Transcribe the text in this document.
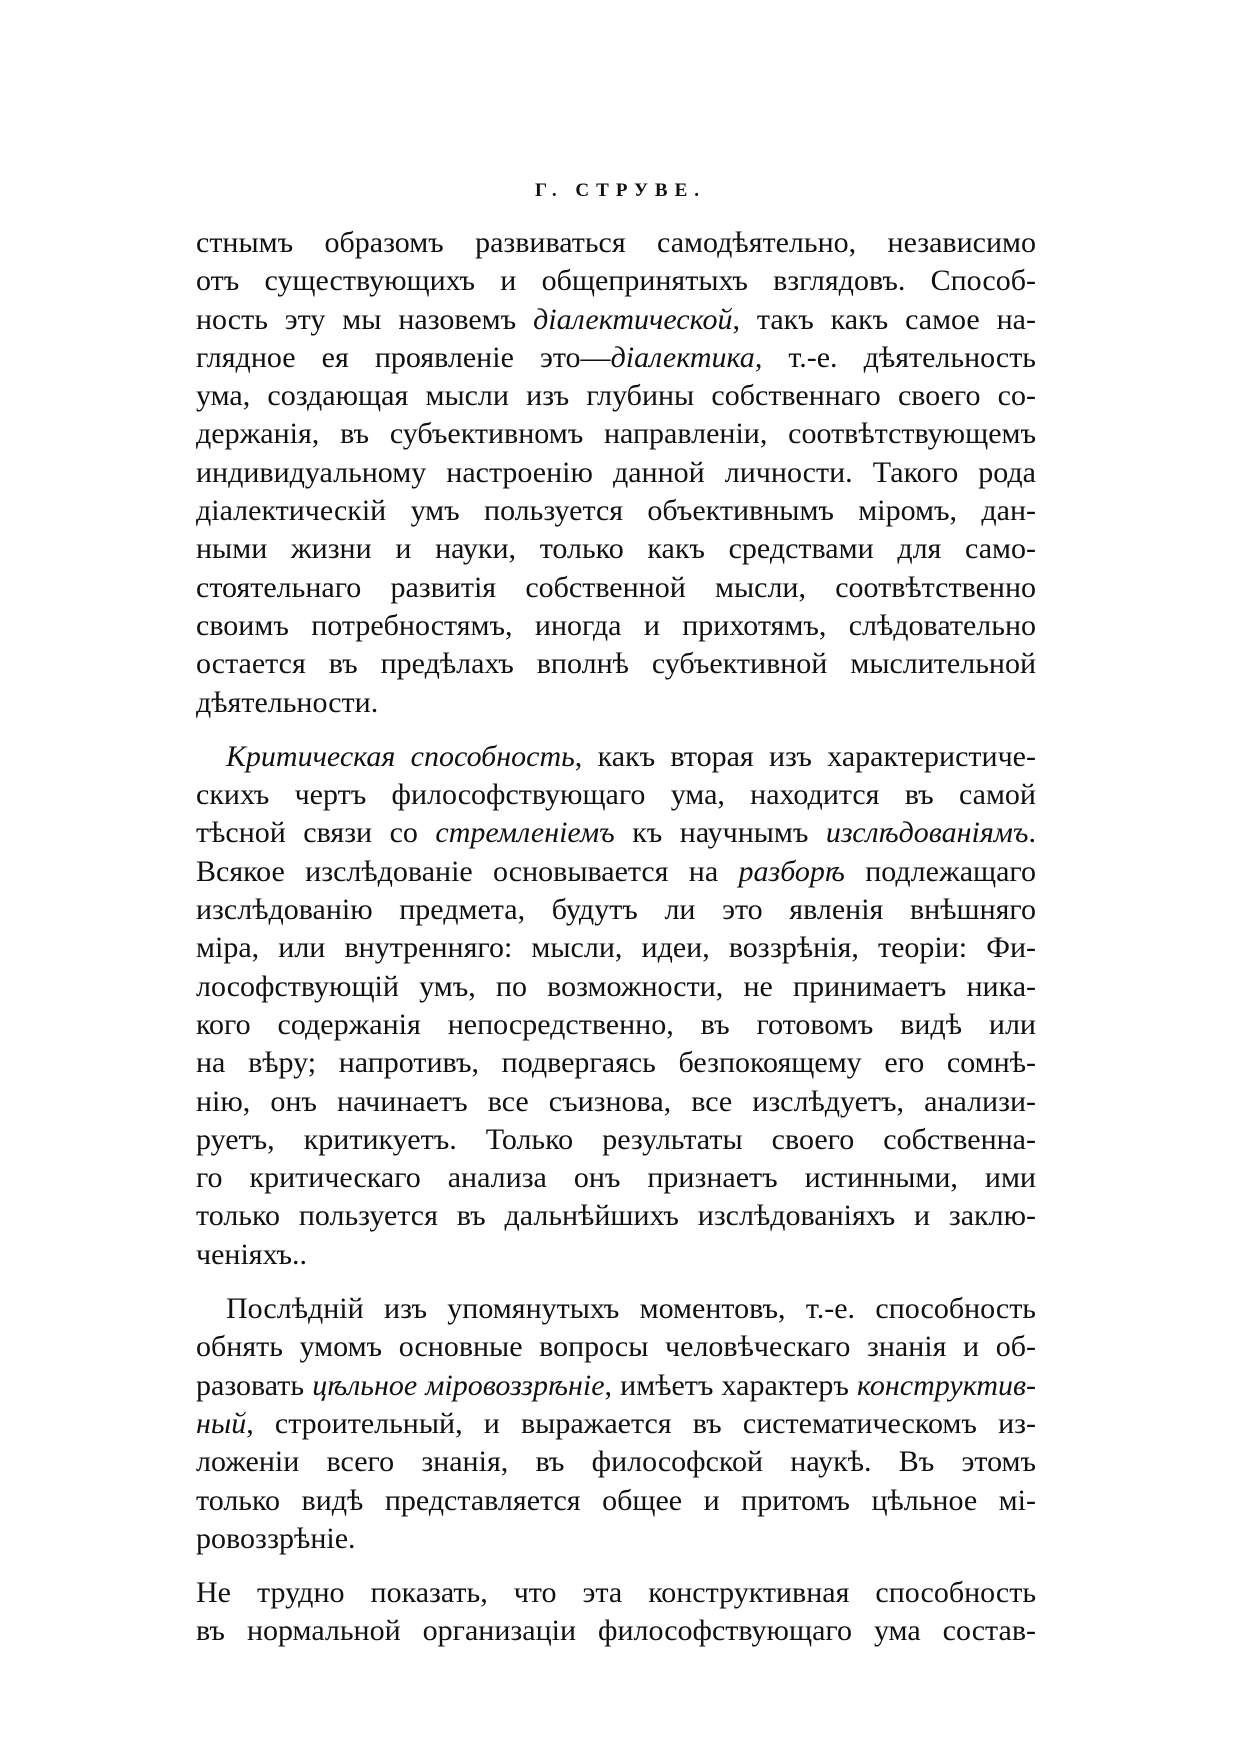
Г. СТРУВЕ.
стнымъ образомъ развиваться самодѣятельно, независимо
отъ существующихъ и общепринятыхъ взглядовъ. Способ-
ность эту мы назовемъ діалектической, такъ какъ самое на-
глядное ея проявленіе это—діалектика, т.-е. дѣятельность
ума, создающая мысли изъ глубины собственнаго своего со-
держанія, въ субъективномъ направленіи, соотвѣтствующемъ
индивидуальному настроенію данной личности. Такого рода
діалектическій умъ пользуется объективнымъ міромъ, дан-
ными жизни и науки, только какъ средствами для само-
стоятельнаго развитія собственной мысли, соотвѣтственно
своимъ потребностямъ, иногда и прихотямъ, слѣдовательно
остается въ предѣлахъ вполнѣ субъективной мыслительной
дѣятельности.
Критическая способность, какъ вторая изъ характеристиче-
скихъ чертъ философствующаго ума, находится въ самой
тѣсной связи со стремленіемъ къ научнымъ изслѣдованіямъ.
Всякое изслѣдованіе основывается на разборѣ подлежащаго
изслѣдованію предмета, будутъ ли это явленія внѣшняго
міра, или внутренняго: мысли, идеи, воззрѣнія, теоріи: Фи-
лософствующій умъ, по возможности, не принимаетъ ника-
кого содержанія непосредственно, въ готовомъ видѣ или
на вѣру; напротивъ, подвергаясь безпокоящему его сомнѣ-
нію, онъ начинаетъ все съизнова, все изслѣдуетъ, анализи-
руетъ, критикуетъ. Только результаты своего собственна-
го критическаго анализа онъ признаетъ истинными, ими
только пользуется въ дальнѣйшихъ изслѣдованіяхъ и заклю-
ченіяхъ..
Послѣдній изъ упомянутыхъ моментовъ, т.-е. способность
обнять умомъ основные вопросы человѣческаго знанія и об-
разовать цѣльное міровоззрѣніе, имѣетъ характеръ конструктив-
ный, строительный, и выражается въ систематическомъ из-
ложеніи всего знанія, въ философской наукѣ. Въ этомъ
только видѣ представляется общее и притомъ цѣльное мі-
ровоззрѣніе.
Не трудно показать, что эта конструктивная способность
въ нормальной организаціи философствующаго ума состав-
